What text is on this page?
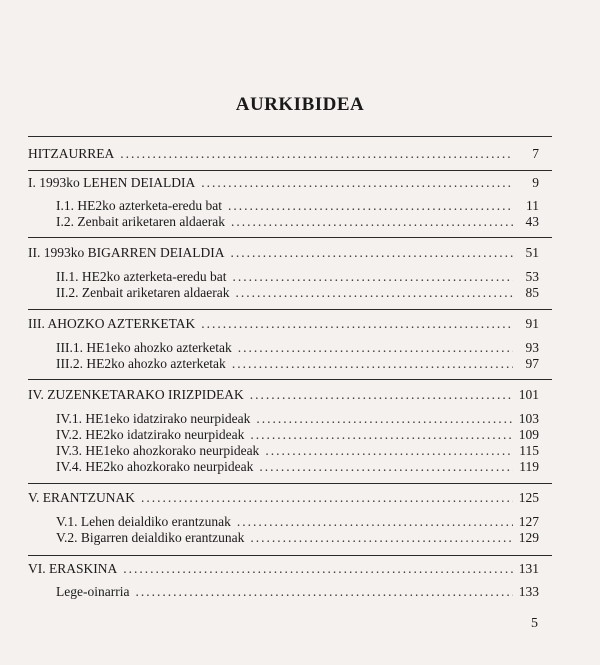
AURKIBIDEA
HITZAURREA .....	7
I. 1993ko LEHEN DEIALDIA .....	9
I.1. HE2ko azterketa-eredu bat .....	11
I.2. Zenbait ariketaren aldaerak .....	43
II. 1993ko BIGARREN DEIALDIA .....	51
II.1. HE2ko azterketa-eredu bat .....	53
II.2. Zenbait ariketaren aldaerak .....	85
III. AHOZKO AZTERKETAK .....	91
III.1. HE1eko ahozko azterketak .....	93
III.2. HE2ko ahozko azterketak .....	97
IV. ZUZENKETARAKO IRIZPIDEAK .....	101
IV.1. HE1eko idatzirako neurpideak .....	103
IV.2. HE2ko idatzirako neurpideak .....	109
IV.3. HE1eko ahozkorako neurpideak .....	115
IV.4. HE2ko ahozkorako neurpideak .....	119
V. ERANTZUNAK .....	125
V.1. Lehen deialdiko erantzunak .....	127
V.2. Bigarren deialdiko erantzunak .....	129
VI. ERASKINA .....	131
Lege-oinarria .....	133
5
